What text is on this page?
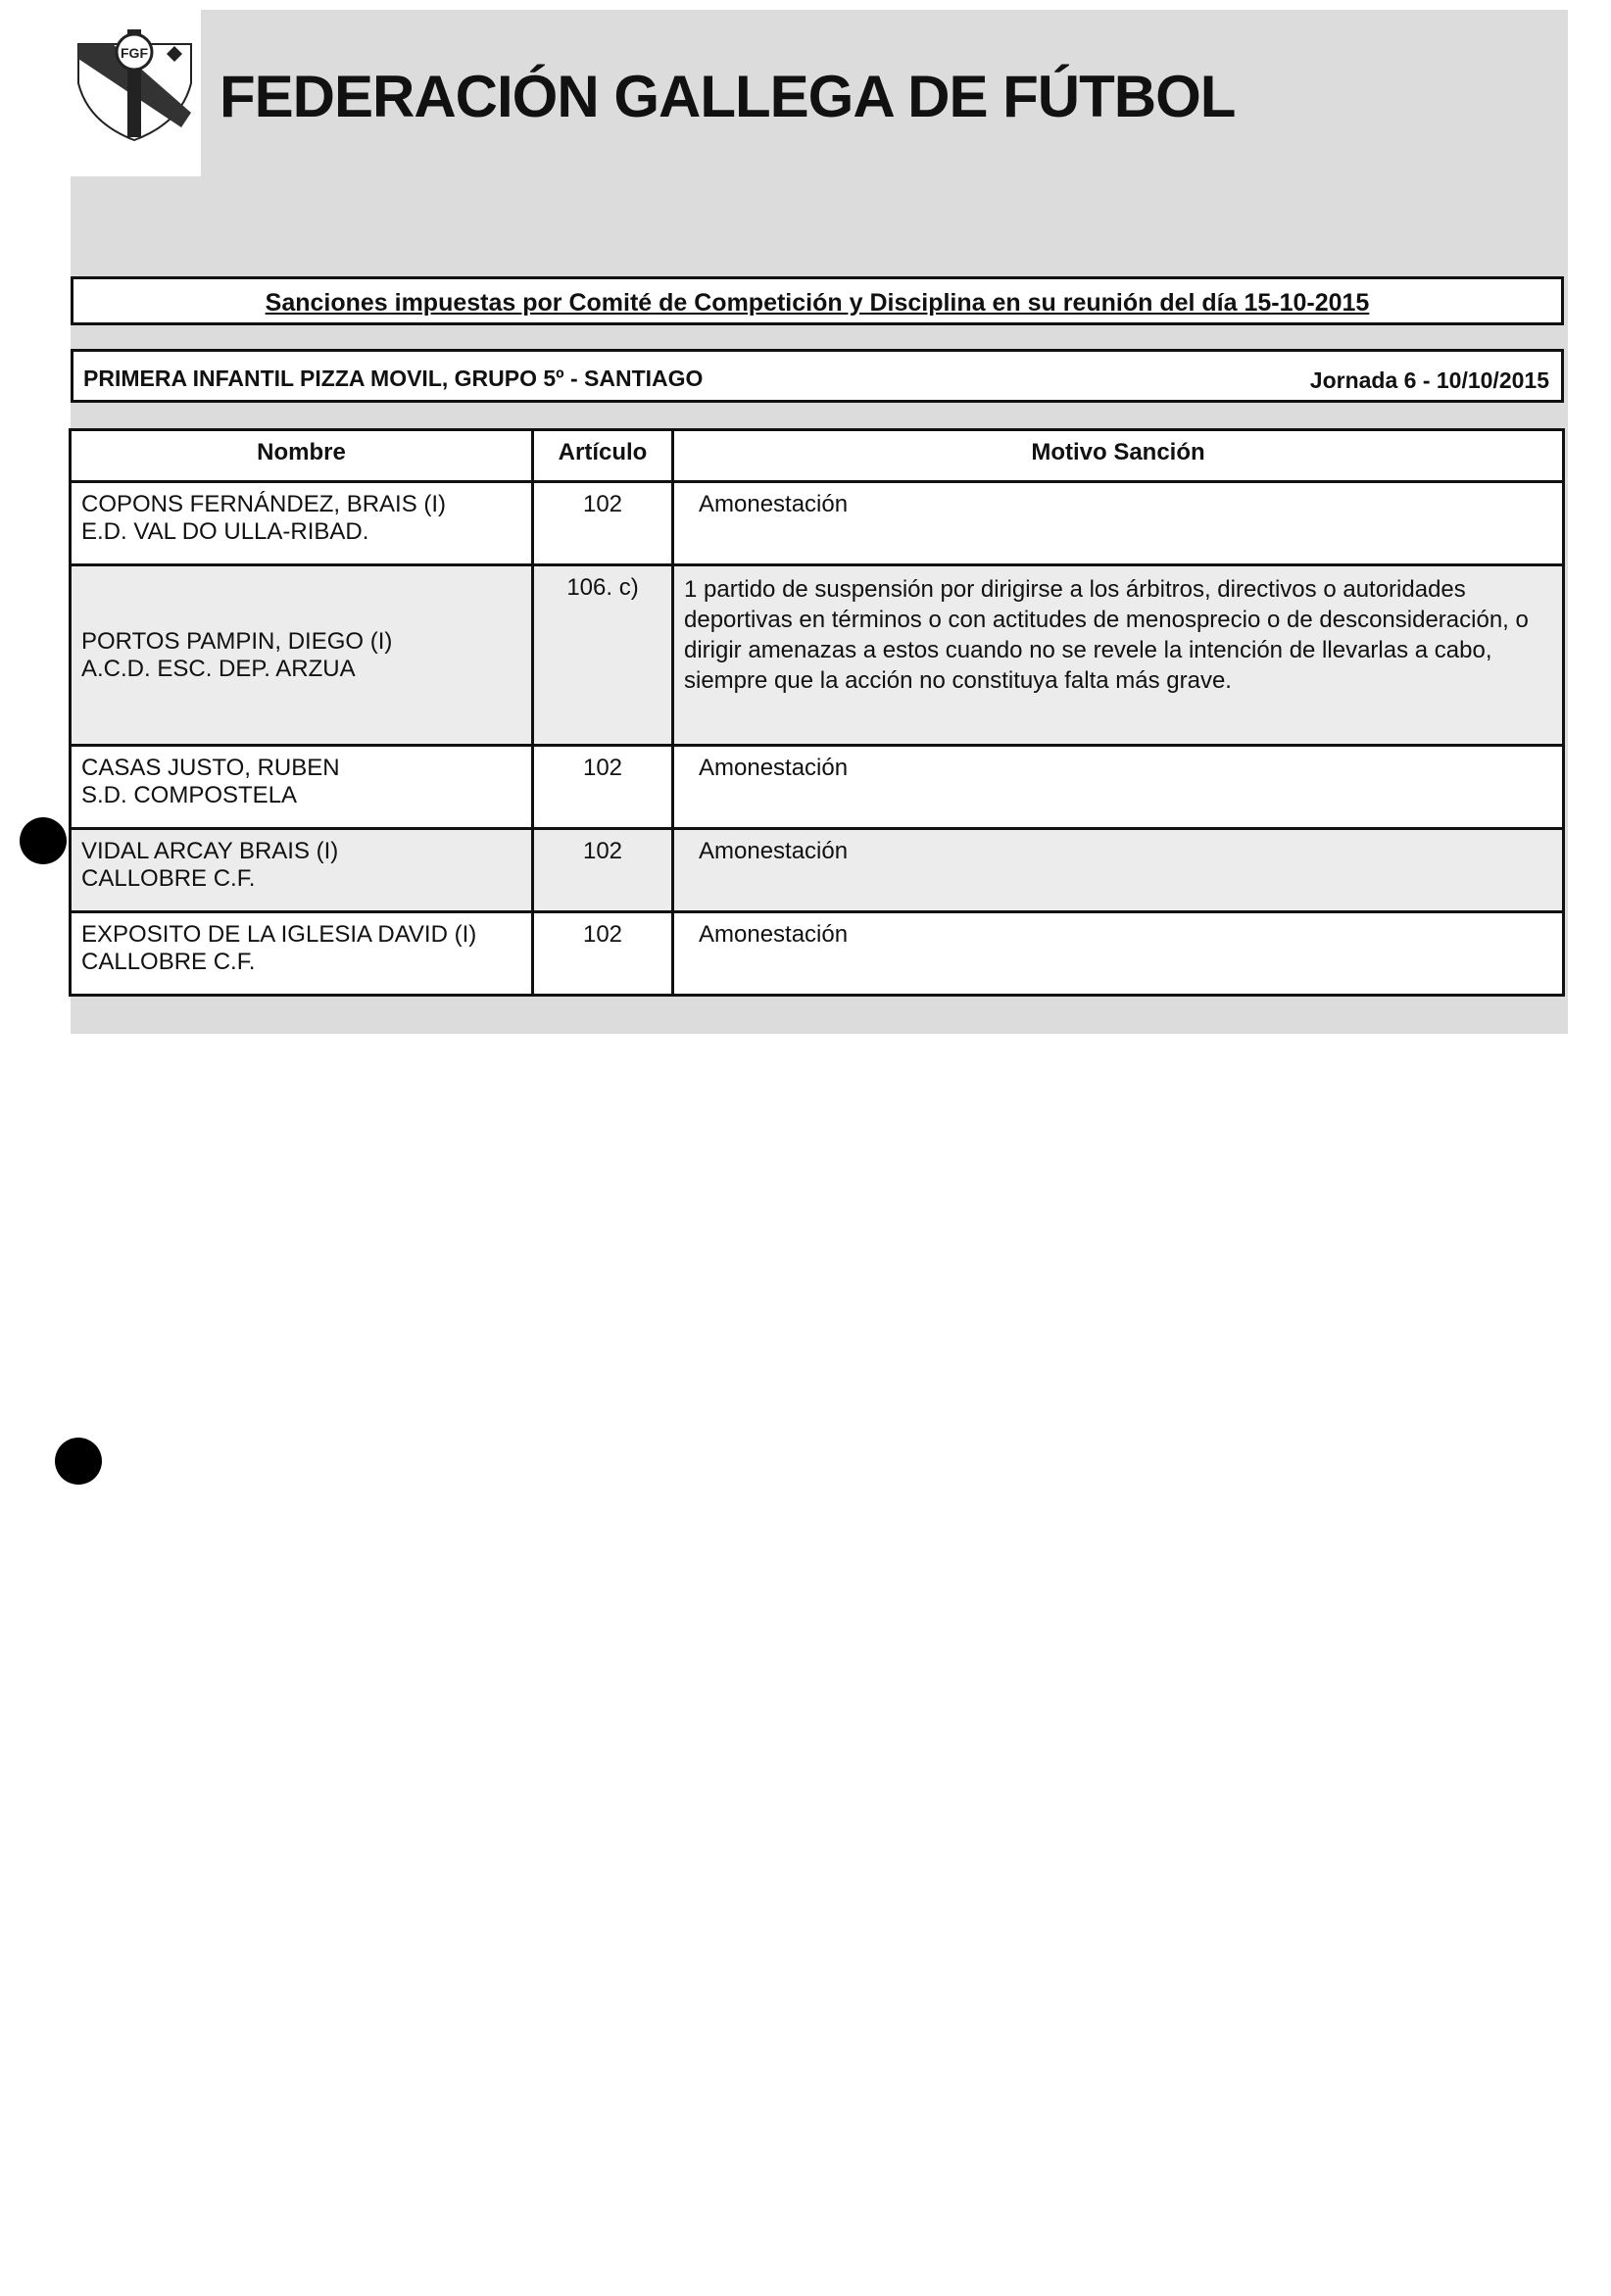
FGF
FEDERACIÓN GALLEGA DE FÚTBOL
Sanciones impuestas por Comité de Competición y Disciplina en su reunión del día 15-10-2015
PRIMERA INFANTIL PIZZA MOVIL, GRUPO 5º - SANTIAGO	Jornada 6 - 10/10/2015
Nombre	Artículo	Motivo Sanción

COPONS FERNÁNDEZ, BRAIS (I)
E.D. VAL DO ULLA-RIBAD.	102	Amonestación

PORTOS PAMPIN, DIEGO (I)
A.C.D. ESC. DEP. ARZUA	106. c)	1 partido de suspensión por dirigirse a los árbitros, directivos o autoridades deportivas en términos o con actitudes de menosprecio o de desconsideración, o dirigir amenazas a estos cuando no se revele la intención de llevarlas a cabo, siempre que la acción no constituya falta más grave.

CASAS JUSTO, RUBEN
S.D. COMPOSTELA	102	Amonestación

VIDAL ARCAY BRAIS (I)
CALLOBRE C.F.	102	Amonestación

EXPOSITO DE LA IGLESIA DAVID (I)
CALLOBRE C.F.	102	Amonestación
